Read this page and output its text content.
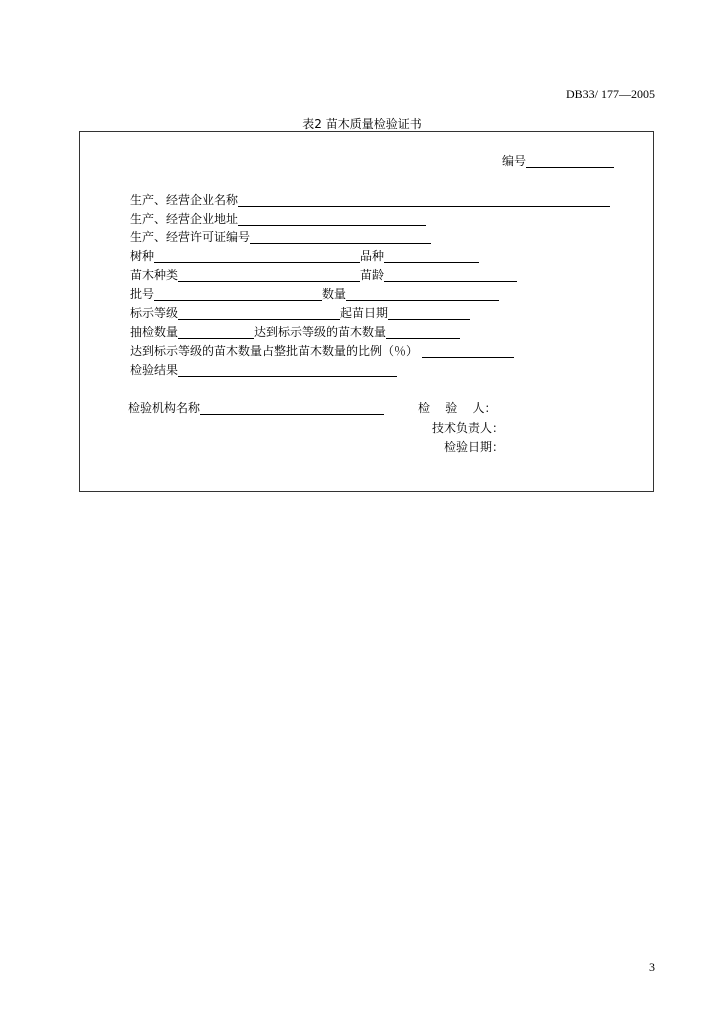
DB33/ 177—2005
表2 苗木质量检验证书
编号
生产、经营企业名称
生产、经营企业地址
生产、经营许可证编号
树种	品种
苗木种类	苗龄
批号	数量
标示等级	起苗日期
抽检数量	达到标示等级的苗木数量
达到标示等级的苗木数量占整批苗木数量的比例（％）
检验结果
检验机构名称	检    验    人：
技术负责人：
检验日期：
3
